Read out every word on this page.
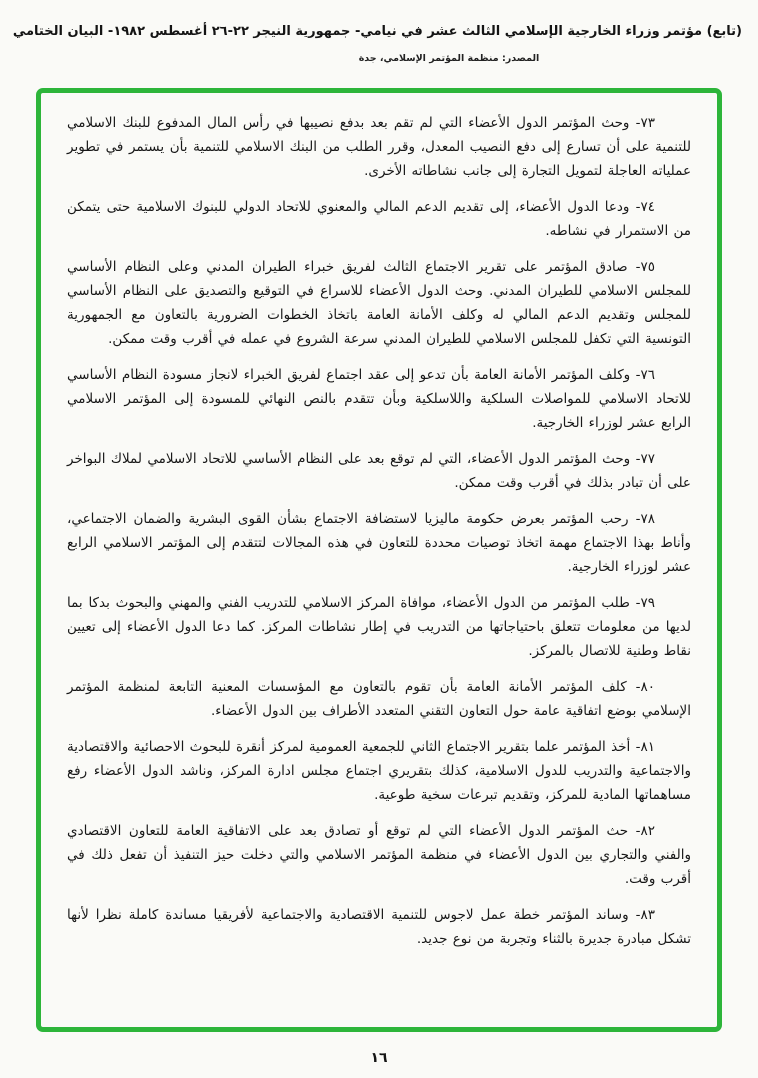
(تابع) مؤتمر وزراء الخارجية الإسلامي الثالث عشر في نيامي- جمهورية النيجر ٢٢-٢٦ أغسطس ١٩٨٢- البيان الختامي
المصدر: منظمة المؤتمر الإسلامي، جدة

٧٣- وحث المؤتمر الدول الأعضاء التي لم تقم بعد بدفع نصيبها في رأس المال المدفوع للبنك الاسلامي للتنمية على أن تسارع إلى دفع النصيب المعدل، وقرر الطلب من البنك الاسلامي للتنمية بأن يستمر في تطوير عملياته العاجلة لتمويل التجارة إلى جانب نشاطاته الأخرى.

٧٤- ودعا الدول الأعضاء، إلى تقديم الدعم المالي والمعنوي للاتحاد الدولي للبنوك الاسلامية حتى يتمكن من الاستمرار في نشاطه.

٧٥- صادق المؤتمر على تقرير الاجتماع الثالث لفريق خبراء الطيران المدني وعلى النظام الأساسي للمجلس الاسلامي للطيران المدني. وحث الدول الأعضاء للاسراع في التوقيع والتصديق على النظام الأساسي للمجلس وتقديم الدعم المالي له وكلف الأمانة العامة باتخاذ الخطوات الضرورية بالتعاون مع الجمهورية التونسية التي تكفل للمجلس الاسلامي للطيران المدني سرعة الشروع في عمله في أقرب وقت ممكن.

٧٦- وكلف المؤتمر الأمانة العامة بأن تدعو إلى عقد اجتماع لفريق الخبراء لانجاز مسودة النظام الأساسي للاتحاد الاسلامي للمواصلات السلكية واللاسلكية وبأن تتقدم بالنص النهائي للمسودة إلى المؤتمر الاسلامي الرابع عشر لوزراء الخارجية.

٧٧- وحث المؤتمر الدول الأعضاء، التي لم توقع بعد على النظام الأساسي للاتحاد الاسلامي لملاك البواخر على أن تبادر بذلك في أقرب وقت ممكن.

٧٨- رحب المؤتمر بعرض حكومة ماليزيا لاستضافة الاجتماع بشأن القوى البشرية والضمان الاجتماعي، وأناط بهذا الاجتماع مهمة اتخاذ توصيات محددة للتعاون في هذه المجالات لتتقدم إلى المؤتمر الاسلامي الرابع عشر لوزراء الخارجية.

٧٩- طلب المؤتمر من الدول الأعضاء، موافاة المركز الاسلامي للتدريب الفني والمهني والبحوث بدكا بما لديها من معلومات تتعلق باحتياجاتها من التدريب في إطار نشاطات المركز. كما دعا الدول الأعضاء إلى تعيين نقاط وطنية للاتصال بالمركز.

٨٠- كلف المؤتمر الأمانة العامة بأن تقوم بالتعاون مع المؤسسات المعنية التابعة لمنظمة المؤتمر الإسلامي بوضع اتفاقية عامة حول التعاون التقني المتعدد الأطراف بين الدول الأعضاء.

٨١- أخذ المؤتمر علما بتقرير الاجتماع الثاني للجمعية العمومية لمركز أنقرة للبحوث الاحصائية والاقتصادية والاجتماعية والتدريب للدول الاسلامية، كذلك بتقريري اجتماع مجلس ادارة المركز، وناشد الدول الأعضاء رفع مساهماتها المادية للمركز، وتقديم تبرعات سخية طوعية.

٨٢- حث المؤتمر الدول الأعضاء التي لم توقع أو تصادق بعد على الاتفاقية العامة للتعاون الاقتصادي والفني والتجاري بين الدول الأعضاء في منظمة المؤتمر الاسلامي والتي دخلت حيز التنفيذ أن تفعل ذلك في أقرب وقت.

٨٣- وساند المؤتمر خطة عمل لاجوس للتنمية الاقتصادية والاجتماعية لأفريقيا مساندة كاملة نظرا لأنها تشكل مبادرة جديرة بالثناء وتجربة من نوع جديد.

١٦
